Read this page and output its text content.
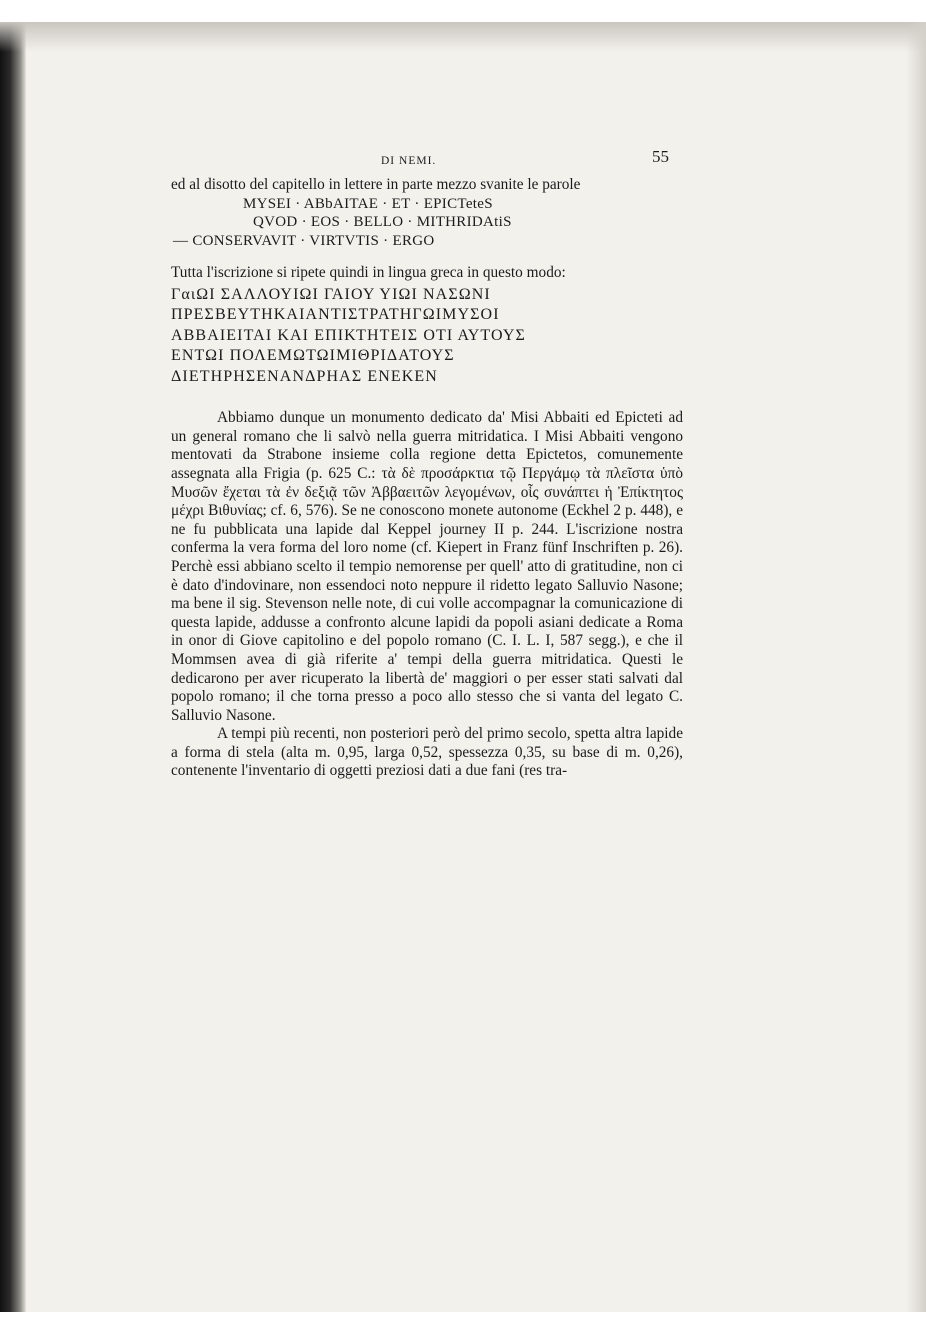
DI NEMI.	55

ed al disotto del capitello in lettere in parte mezzo svanite le parole

MYSEI · ABbAITAE · ET · EPICTeteS
QVOD · EOS · BELLO · MITHRIDAtiS
— CONSERVAVIT · VIRTVTIS · ERGO

Tutta l'iscrizione si ripete quindi in lingua greca in questo modo:

ΓαιΩΙ ΣΑΛΛΟΥΙΩΙ ΓΑΙΟΥ ΥΙΩΙ ΝΑΣΩΝΙ
ΠΡΕΣΒΕΥΤΗΚΑΙΑΝΤΙΣΤΡΑΤΗΓΩΙΜΥΣΟΙ
ΑΒΒΑΙΕΙΤΑΙ ΚΑΙ ΕΠΙΚΤΗΤΕΙΣ ΟΤΙ ΑΥΤΟΥΣ
ΕΝΤΩΙ ΠΟΛΕΜΩΤΩΙΜΙΘΡΙΔΑΤΟΥΣ
ΔΙΕΤΗΡΗΣΕΝΑΝΔΡΗΑΣ ΕΝΕΚΕΝ

Abbiamo dunque un monumento dedicato da' Misi Abbaiti ed Epicteti ad un general romano che li salvò nella guerra mitridatica. I Misi Abbaiti vengono mentovati da Strabone insieme colla regione detta Epictetos, comunemente assegnata alla Frigia (p. 625 C.: τὰ δὲ προσάρκτια τῷ Περγάμῳ τὰ πλεῖστα ὑπὸ Μυσῶν ἔχεται τὰ ἐν δεξιᾷ τῶν Ἀββαειτῶν λεγομένων, οἷς συνάπτει ἡ Ἐπίκτητος μέχρι Βιθυνίας; cf. 6, 576). Se ne conoscono monete autonome (Eckhel 2 p. 448), e ne fu pubblicata una lapide dal Keppel journey II p. 244. L'iscrizione nostra conferma la vera forma del loro nome (cf. Kiepert in Franz fünf Inschriften p. 26). Perchè essi abbiano scelto il tempio nemorense per quell' atto di gratitudine, non ci è dato d'indovinare, non essendoci noto neppure il ridetto legato Salluvio Nasone; ma bene il sig. Stevenson nelle note, di cui volle accompagnar la comunicazione di questa lapide, addusse a confronto alcune lapidi da popoli asiani dedicate a Roma in onor di Giove capitolino e del popolo romano (C. I. L. I, 587 segg.), e che il Mommsen avea di già riferite a' tempi della guerra mitridatica. Questi le dedicarono per aver ricuperato la libertà de' maggiori o per esser stati salvati dal popolo romano; il che torna presso a poco allo stesso che si vanta del legato C. Salluvio Nasone.

A tempi più recenti, non posteriori però del primo secolo, spetta altra lapide a forma di stela (alta m. 0,95, larga 0,52, spessezza 0,35, su base di m. 0,26), contenente l'inventario di oggetti preziosi dati a due fani (res tra-
